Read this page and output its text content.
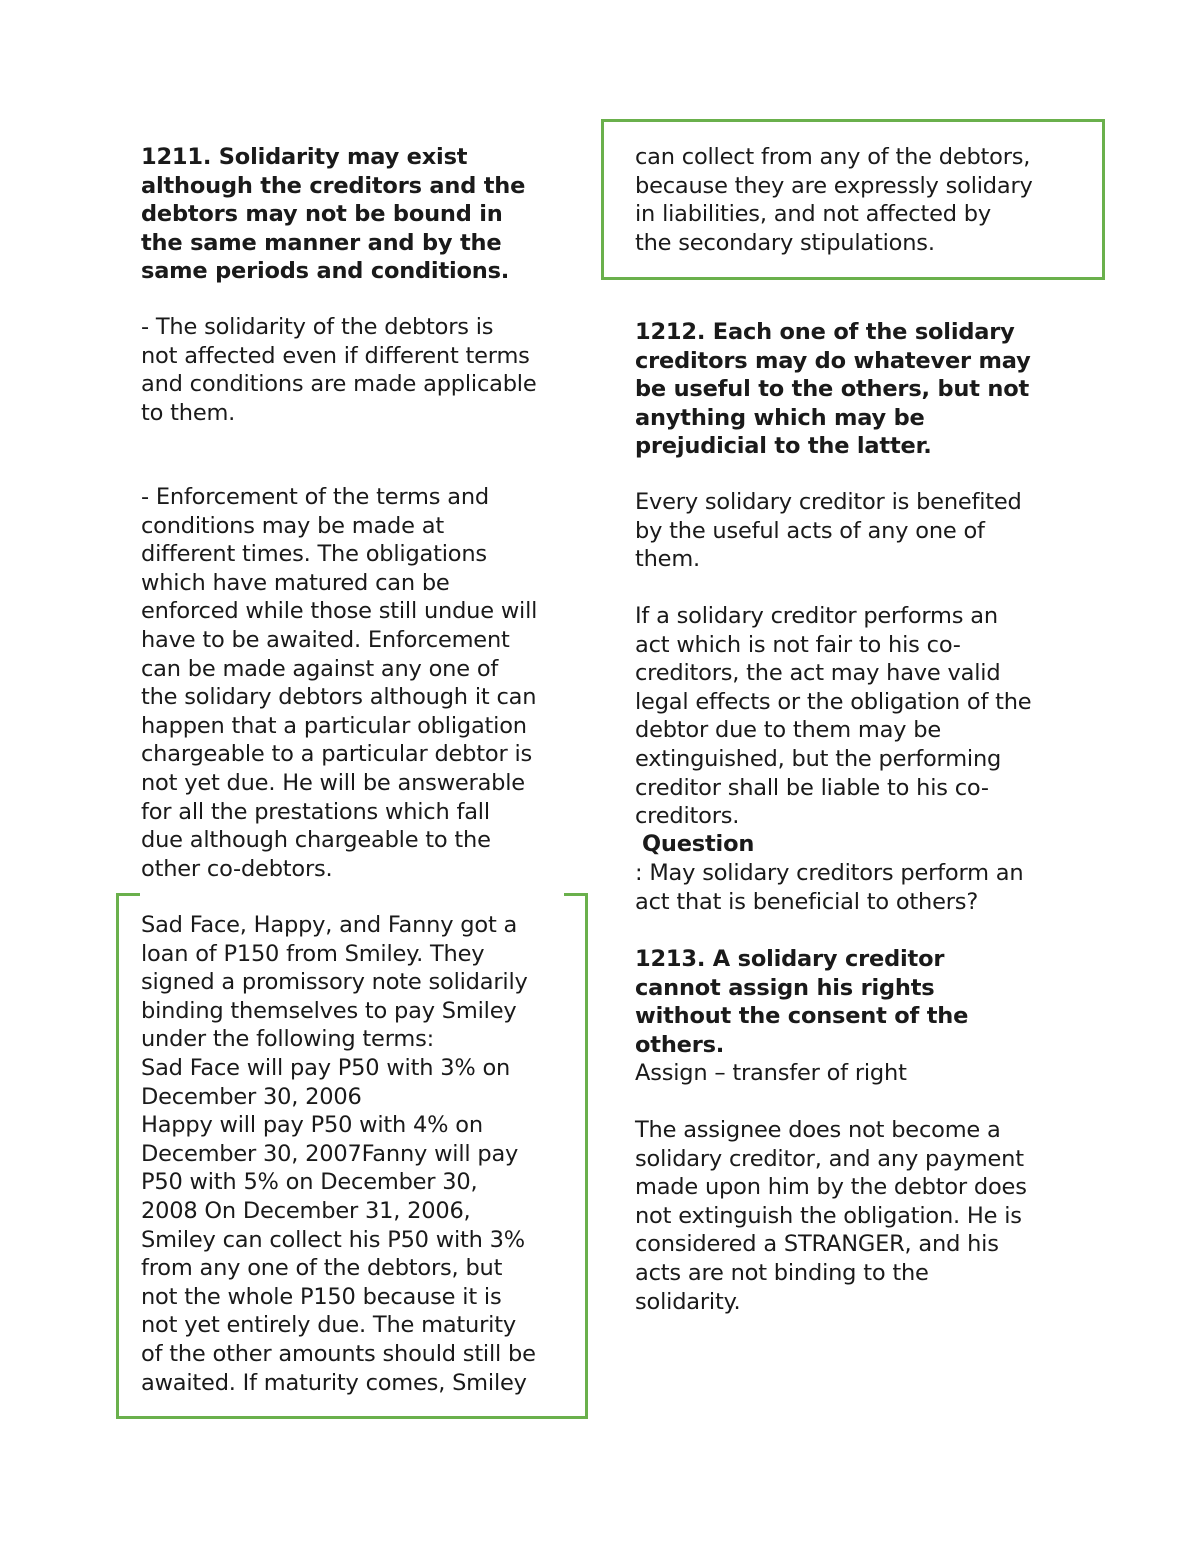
1211. Solidarity may exist
although the creditors and the
debtors may not be bound in
the same manner and by the
same periods and conditions.

- The solidarity of the debtors is
not affected even if different terms
and conditions are made applicable
to them.

- Enforcement of the terms and
conditions may be made at
different times. The obligations
which have matured can be
enforced while those still undue will
have to be awaited. Enforcement
can be made against any one of
the solidary debtors although it can
happen that a particular obligation
chargeable to a particular debtor is
not yet due. He will be answerable
for all the prestations which fall
due although chargeable to the
other co-debtors.

Sad Face, Happy, and Fanny got a
loan of P150 from Smiley. They
signed a promissory note solidarily
binding themselves to pay Smiley
under the following terms:
Sad Face will pay P50 with 3% on
December 30, 2006
Happy will pay P50 with 4% on
December 30, 2007Fanny will pay
P50 with 5% on December 30,
2008 On December 31, 2006,
Smiley can collect his P50 with 3%
from any one of the debtors, but
not the whole P150 because it is
not yet entirely due. The maturity
of the other amounts should still be
awaited. If maturity comes, Smiley

can collect from any of the debtors,
because they are expressly solidary
in liabilities, and not affected by
the secondary stipulations.

1212. Each one of the solidary
creditors may do whatever may
be useful to the others, but not
anything which may be
prejudicial to the latter.

Every solidary creditor is benefited
by the useful acts of any one of
them.

If a solidary creditor performs an
act which is not fair to his co-
creditors, the act may have valid
legal effects or the obligation of the
debtor due to them may be
extinguished, but the performing
creditor shall be liable to his co-
creditors.

Question

: May solidary creditors perform an
act that is beneficial to others?

1213. A solidary creditor
cannot assign his rights
without the consent of the
others.

Assign – transfer of right

The assignee does not become a
solidary creditor, and any payment
made upon him by the debtor does
not extinguish the obligation. He is
considered a STRANGER, and his
acts are not binding to the
solidarity.
